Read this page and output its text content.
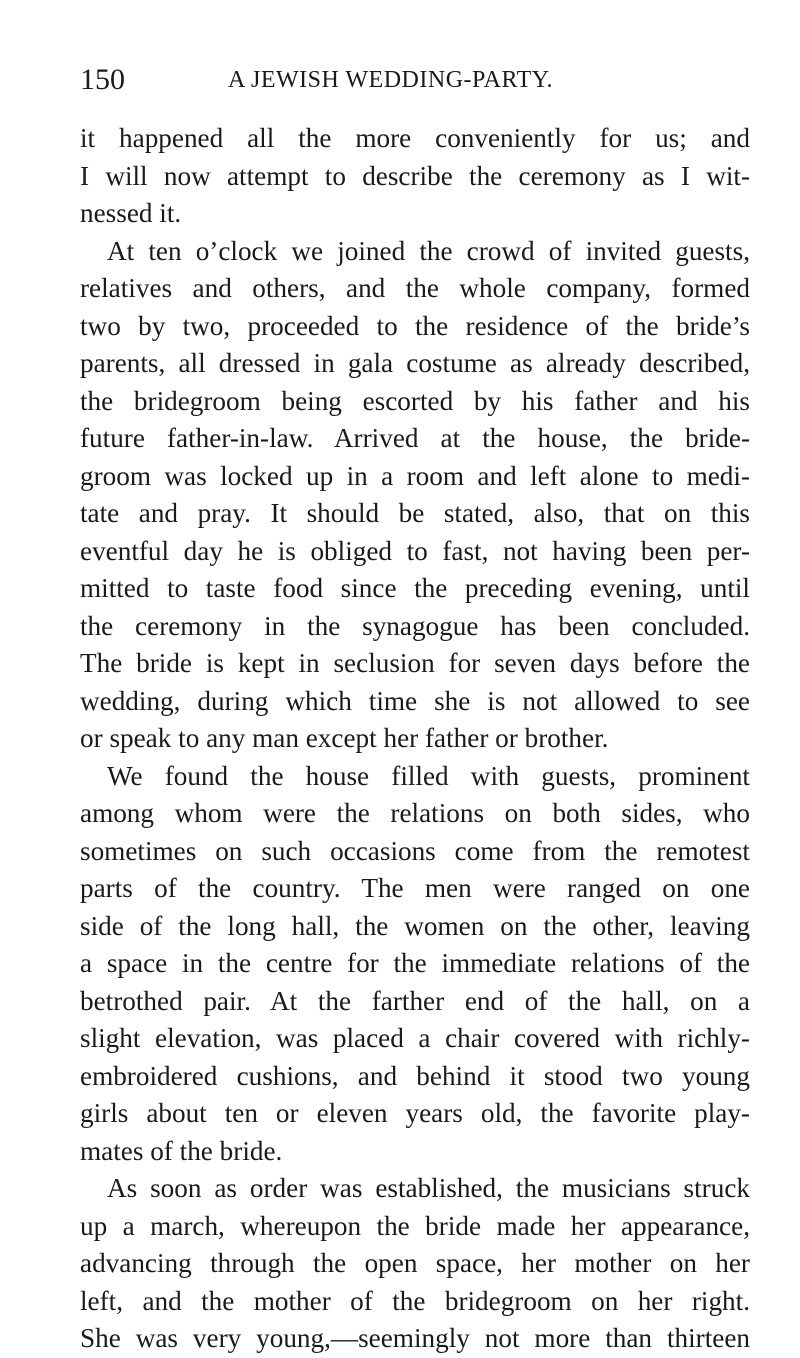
150	A JEWISH WEDDING-PARTY.
it happened all the more conveniently for us; and
I will now attempt to describe the ceremony as I wit-
nessed it.
At ten o’clock we joined the crowd of invited guests,
relatives and others, and the whole company, formed
two by two, proceeded to the residence of the bride’s
parents, all dressed in gala costume as already described,
the bridegroom being escorted by his father and his
future father-in-law. Arrived at the house, the bride-
groom was locked up in a room and left alone to medi-
tate and pray. It should be stated, also, that on this
eventful day he is obliged to fast, not having been per-
mitted to taste food since the preceding evening, until
the ceremony in the synagogue has been concluded.
The bride is kept in seclusion for seven days before the
wedding, during which time she is not allowed to see
or speak to any man except her father or brother.
We found the house filled with guests, prominent
among whom were the relations on both sides, who
sometimes on such occasions come from the remotest
parts of the country. The men were ranged on one
side of the long hall, the women on the other, leaving
a space in the centre for the immediate relations of the
betrothed pair. At the farther end of the hall, on a
slight elevation, was placed a chair covered with richly-
embroidered cushions, and behind it stood two young
girls about ten or eleven years old, the favorite play-
mates of the bride.
As soon as order was established, the musicians struck
up a march, whereupon the bride made her appearance,
advancing through the open space, her mother on her
left, and the mother of the bridegroom on her right.
She was very young,—seemingly not more than thirteen
